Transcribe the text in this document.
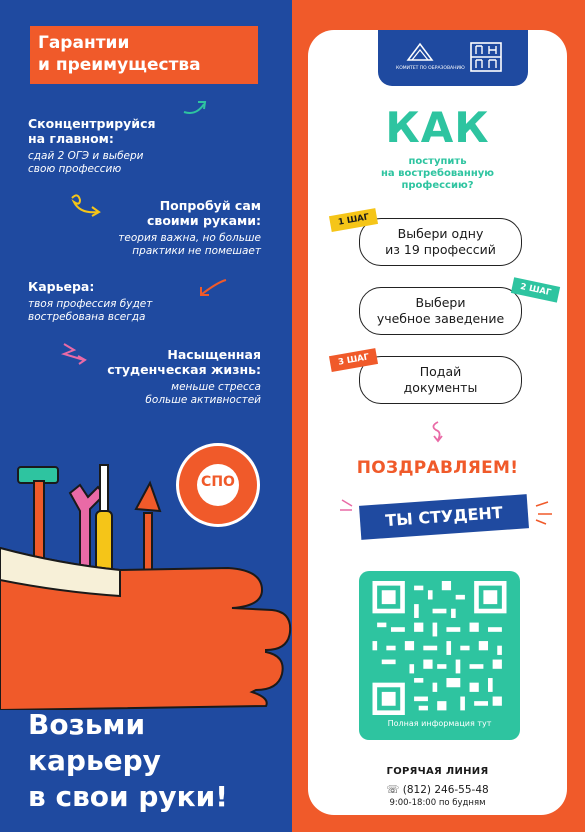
Гарантии
и преимущества
Сконцентрируйся
на главном:
сдай 2 ОГЭ и выбери
свою профессию
Попробуй сам
своими руками:
теория важна, но больше
практики не помешает
Карьера:
твоя профессия будет
востребована всегда
Насыщенная
студенческая жизнь:
меньше стресса
больше активностей
СПО
Возьми
карьеру
в свои руки!
КОМИТЕТ ПО ОБРАЗОВАНИЮ
КАК
поступить
на востребованную
профессию?
Выбери одну
из 19 профессий
1 ШАГ
Выбери
учебное заведение
2 ШАГ
Подай
документы
3 ШАГ
ПОЗДРАВЛЯЕМ!
ТЫ СТУДЕНТ
Полная информация тут
ГОРЯЧАЯ ЛИНИЯ
☏ (812) 246-55-48
9:00-18:00 по будням
